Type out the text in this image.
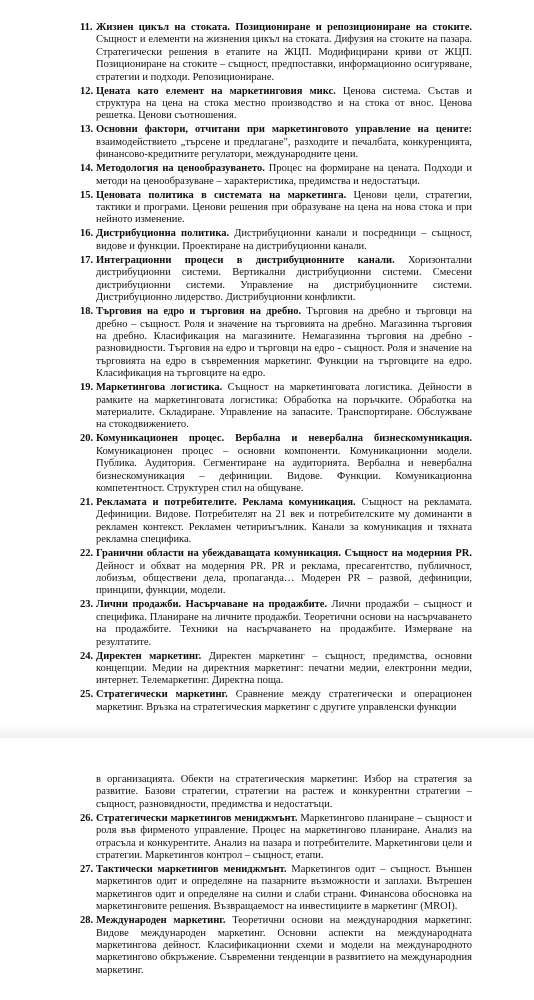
11. Жизнен цикъл на стоката. Позициониране и репозициониране на стоките. Същност и елементи на жизнения цикъл на стоката. Дифузия на стоките на пазара. Стратегически решения в етапите на ЖЦП. Модифицирани криви от ЖЦП. Позициониране на стоките – същност, предпоставки, информационно осигуряване, стратегии и подходи. Репозициониране.
12. Цената като елемент на маркетинговия микс. Ценова система. Състав и структура на цена на стока местно производство и на стока от внос. Ценова решетка. Ценови съотношения.
13. Основни фактори, отчитани при маркетинговото управление на цените: взаимодействието „търсене и предлагане", разходите и печалбата, конкуренцията, финансово-кредитните регулатори, международните цени.
14. Методология на ценообразуването. Процес на формиране на цената. Подходи и методи на ценообразуване – характеристика, предимства и недостатъци.
15. Ценовата политика в системата на маркетинга. Ценови цели, стратегии, тактики и програми. Ценови решения при образуване на цена на нова стока и при нейното изменение.
16. Дистрибуционна политика. Дистрибуционни канали и посредници – същност, видове и функции. Проектиране на дистрибуционни канали.
17. Интеграционни процеси в дистрибуционните канали. Хоризонтални дистрибуционни системи. Вертикални дистрибуционни системи. Смесени дистрибуционни системи. Управление на дистрибуционните системи. Дистрибуционно лидерство. Дистрибуционни конфликти.
18. Търговия на едро и търговия на дребно. Търговия на дребно и търговци на дребно – същност. Роля и значение на търговията на дребно. Магазинна търговия на дребно. Класификация на магазините. Немагазинна търговия на дребно - разновидности. Търговия на едро и търговци на едро - същност. Роля и значение на търговията на едро в съвременния маркетинг. Функции на търговците на едро. Класификация на търговците на едро.
19. Маркетингова логистика. Същност на маркетинговата логистика. Дейности в рамките на маркетинговата логистика: Обработка на поръчките. Обработка на материалите. Складиране. Управление на запасите. Транспортиране. Обслужване на стокодвижението.
20. Комуникационен процес. Вербална и невербална бизнескомуникация. Комуникационен процес – основни компоненти. Комуникационни модели. Публика. Аудитория. Сегментиране на аудиторията. Вербална и невербална бизнескомуникация – дефиниции. Видове. Функции. Комуникационна компетентност. Структурен стил на общуване.
21. Рекламата и потребителите. Реклама комуникация. Същност на рекламата. Дефиниции. Видове. Потребителят на 21 век и потребителските му доминанти в рекламен контекст. Рекламен четириъгълник. Канали за комуникация и тяхната рекламна специфика.
22. Гранични области на убеждаващата комуникация. Същност на модерния PR. Дейност и обхват на модерния PR. PR и реклама, пресагентство, публичност, лобизъм, обществени дела, пропаганда… Модерен PR – развой, дефиниции, принципи, функции, модели.
23. Лични продажби. Насърчаване на продажбите. Лични продажби – същност и специфика. Планиране на личните продажби. Теоретични основи на насърчаването на продажбите. Техники на насърчаването на продажбите. Измерване на резултатите.
24. Директен маркетинг. Директен маркетинг – същност, предимства, основни концепции. Медии на директния маркетинг: печатни медии, електронни медии, интернет. Телемаркетинг. Директна поща.
25. Стратегически маркетинг. Сравнение между стратегически и операционен маркетинг. Връзка на стратегическия маркетинг с другите управленски функции
в организацията. Обекти на стратегическия маркетинг. Избор на стратегия за развитие. Базови стратегии, стратегии на растеж и конкурентни стратегии – същност, разновидности, предимства и недостатъци.
26. Стратегически маркетингов мениджмънт. Маркетингово планиране – същност и роля във фирменото управление. Процес на маркетингово планиране. Анализ на отрасъла и конкурентите. Анализ на пазара и потребителите. Маркетингови цели и стратегии. Маркетингов контрол – същност, етапи.
27. Тактически маркетингов мениджмънт. Маркетингов одит – същност. Външен маркетингов одит и определяне на пазарните възможности и заплахи. Вътрешен маркетингов одит и определяне на силни и слаби страни. Финансова обосновка на маркетинговите решения. Възвращаемост на инвестициите в маркетинг (MROI).
28. Международен маркетинг. Теоретични основи на международния маркетинг. Видове международен маркетинг. Основни аспекти на международната маркетингова дейност. Класификационни схеми и модели на международното маркетингово обкръжение. Съвременни тенденции в развитието на международния маркетинг.
